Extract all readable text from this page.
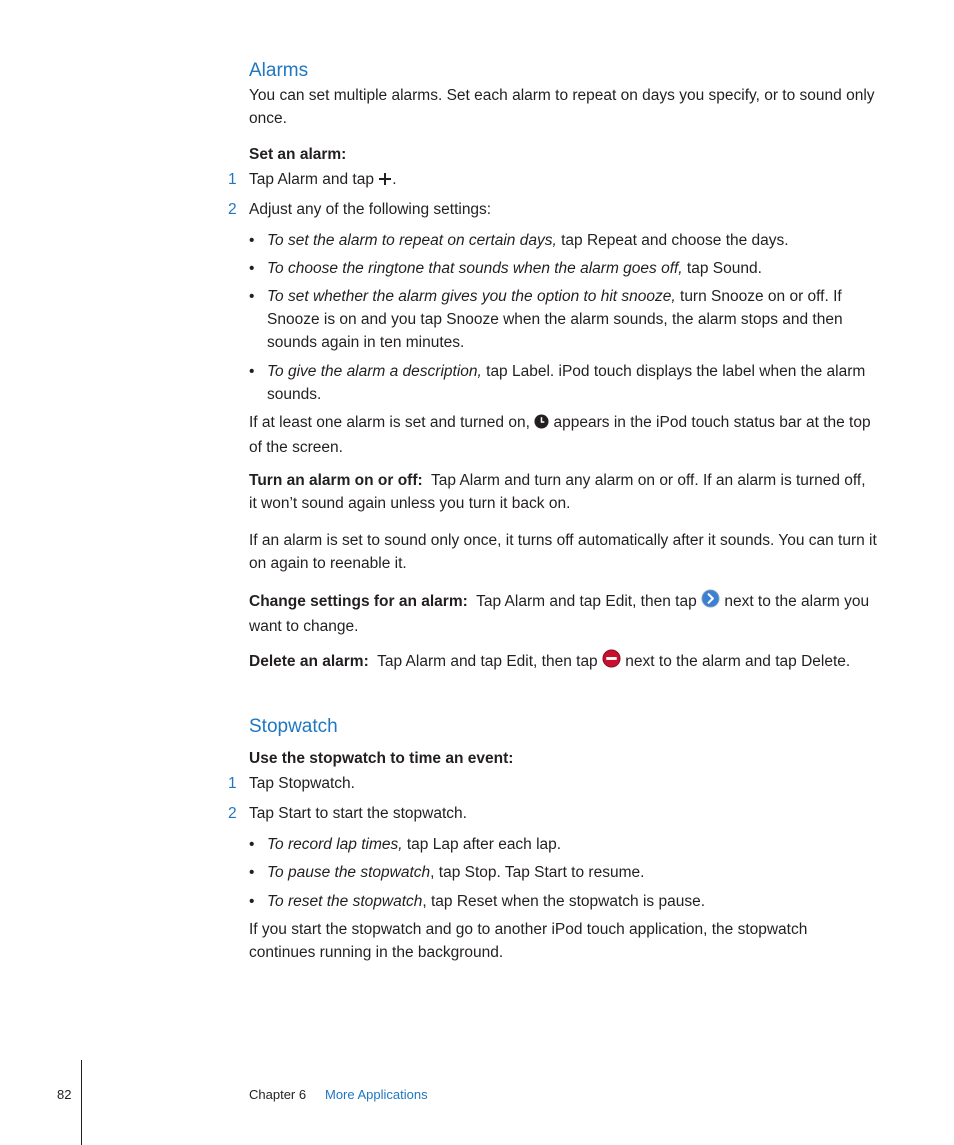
Alarms

You can set multiple alarms. Set each alarm to repeat on days you specify, or to sound only once.

Set an alarm:

1 Tap Alarm and tap .
2 Adjust any of the following settings:
• To set the alarm to repeat on certain days, tap Repeat and choose the days.
• To choose the ringtone that sounds when the alarm goes off, tap Sound.
• To set whether the alarm gives you the option to hit snooze, turn Snooze on or off. If Snooze is on and you tap Snooze when the alarm sounds, the alarm stops and then sounds again in ten minutes.
• To give the alarm a description, tap Label. iPod touch displays the label when the alarm sounds.

If at least one alarm is set and turned on,  appears in the iPod touch status bar at the top of the screen.

Turn an alarm on or off: Tap Alarm and turn any alarm on or off. If an alarm is turned off, it won’t sound again unless you turn it back on.

If an alarm is set to sound only once, it turns off automatically after it sounds. You can turn it on again to reenable it.

Change settings for an alarm: Tap Alarm and tap Edit, then tap  next to the alarm you want to change.

Delete an alarm: Tap Alarm and tap Edit, then tap  next to the alarm and tap Delete.

Stopwatch

Use the stopwatch to time an event:

1 Tap Stopwatch.
2 Tap Start to start the stopwatch.
• To record lap times, tap Lap after each lap.
• To pause the stopwatch, tap Stop. Tap Start to resume.
• To reset the stopwatch, tap Reset when the stopwatch is pause.

If you start the stopwatch and go to another iPod touch application, the stopwatch continues running in the background.

82	Chapter 6 More Applications
